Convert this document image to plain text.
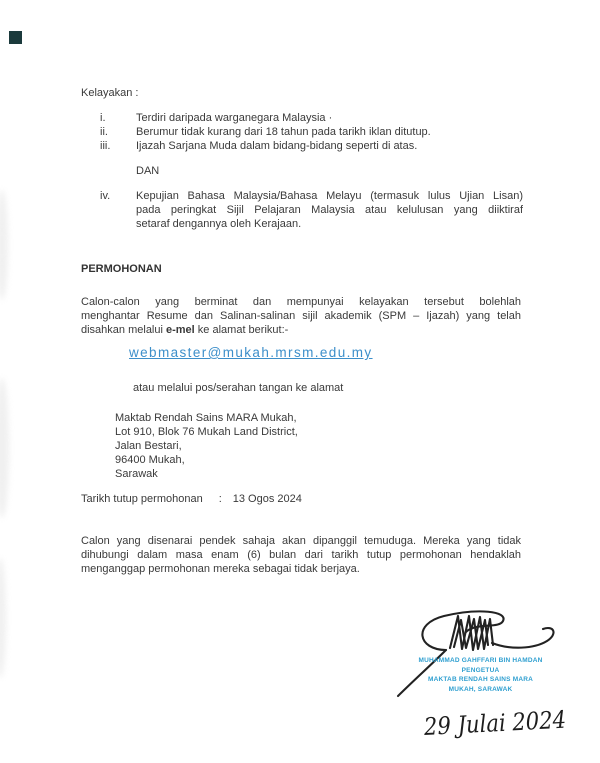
Kelayakan :
i.	Terdiri daripada warganegara Malaysia ·
ii.	Berumur tidak kurang dari 18 tahun pada tarikh iklan ditutup.
iii. Ijazah Sarjana Muda dalam bidang-bidang seperti di atas.
DAN
iv. Kepujian Bahasa Malaysia/Bahasa Melayu (termasuk lulus Ujian Lisan)
pada peringkat Sijil Pelajaran Malaysia atau kelulusan yang diiktiraf
setaraf dengannya oleh Kerajaan.
PERMOHONAN
Calon-calon yang berminat dan mempunyai kelayakan tersebut bolehlah
menghantar Resume dan Salinan-salinan sijil akademik (SPM – Ijazah) yang telah
disahkan melalui e-mel ke alamat berikut:-
webmaster@mukah.mrsm.edu.my
atau melalui pos/serahan tangan ke alamat
Maktab Rendah Sains MARA Mukah,
Lot 910, Blok 76 Mukah Land District,
Jalan Bestari,
96400 Mukah,
Sarawak
Tarikh tutup permohonan : 13 Ogos 2024
Calon yang disenarai pendek sahaja akan dipanggil temuduga. Mereka yang tidak
dihubungi dalam masa enam (6) bulan dari tarikh tutup permohonan hendaklah
menganggap permohonan mereka sebagai tidak berjaya.
MUHAMMAD GAHFFARI BIN HAMDAN
PENGETUA
MAKTAB RENDAH SAINS MARA
MUKAH, SARAWAK
29 Julai 2024
